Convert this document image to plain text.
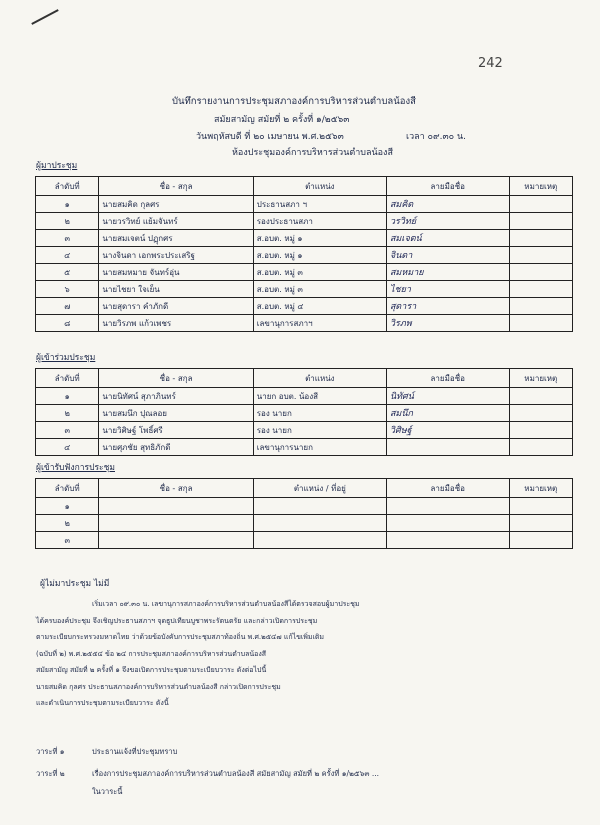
242
บันทึกรายงานการประชุมสภาองค์การบริหารส่วนตำบลน้องสี
สมัยสามัญ สมัยที่ ๒ ครั้งที่ ๑/๒๕๖๓
วันพฤหัสบดี ที่ ๒๐ เมษายน พ.ศ.๒๕๖๓	เวลา ๐๙.๓๐ น.
ห้องประชุมองค์การบริหารส่วนตำบลน้องสี
ผู้มาประชุม
ลำดับที่	ชื่อ - สกุล	ตำแหน่ง	ลายมือชื่อ	หมายเหตุ
๑	นายสมคิด กุลศร	ประธานสภา ฯ	สมคิด	
๒	นายวรวิทย์ แย้มจันทร์	รองประธานสภา	วรวิทย์	
๓	นายสมเจตน์ ปฏุกศร	ส.อบต. หมู่ ๑	สมเจตน์	
๔	นางจินดา เอกพระประเสริฐ	ส.อบต. หมู่ ๑	จินดา	
๕	นายสมหมาย จันทร์อุ่น	ส.อบต. หมู่ ๓	สมหมาย	
๖	นายไชยา ใจเย็น	ส.อบต. หมู่ ๓	ไชยา	
๗	นายสุดารา คำภักดี	ส.อบต. หมู่ ๔	สุดารา	
๘	นายวิรภพ แก้วเพชร	เลขานุการสภาฯ	วิรภพ	
ผู้เข้าร่วมประชุม
ลำดับที่	ชื่อ - สกุล	ตำแหน่ง	ลายมือชื่อ	หมายเหตุ
๑	นายนิทัศน์ สุภาภินทร์	นายก อบต. น้องสี	นิทัศน์	
๒	นายสมนึก ปุณลอย	รอง นายก	สมนึก	
๓	นายวิศิษฐ์ โพธิ์ศรี	รอง นายก	วิศิษฐ์	
๔	นายศุภชัย สุทธิภักดี	เลขานุการนายก		
ผู้เข้ารับฟังการประชุม
ลำดับที่	ชื่อ - สกุล	ตำแหน่ง / ที่อยู่	ลายมือชื่อ	หมายเหตุ
๑				
๒				
๓				
ผู้ไม่มาประชุม ไม่มี
เริ่มเวลา ๐๙.๓๐ น. เลขานุการสภาองค์การบริหารส่วนตำบลน้องสีได้ตรวจสอบผู้มาประชุม
ได้ครบองค์ประชุม จึงเชิญประธานสภาฯ จุดธูปเทียนบูชาพระรัตนตรัย และกล่าวเปิดการประชุม
ตามระเบียบกระทรวงมหาดไทย ว่าด้วยข้อบังคับการประชุมสภาท้องถิ่น พ.ศ.๒๕๔๗ แก้ไขเพิ่มเติม
(ฉบับที่ ๒) พ.ศ.๒๕๕๔ ข้อ ๒๔ การประชุมสภาองค์การบริหารส่วนตำบลน้องสี
สมัยสามัญ สมัยที่ ๒ ครั้งที่ ๑ จึงขอเปิดการประชุมตามระเบียบวาระ ดังต่อไปนี้
นายสมคิด กุลศร ประธานสภาองค์การบริหารส่วนตำบลน้องสี กล่าวเปิดการประชุม
และดำเนินการประชุมตามระเบียบวาระ ดังนี้
วาระที่ ๑	ประธานแจ้งที่ประชุมทราบ
วาระที่ ๒	เรื่องการประชุมสภาองค์การบริหารส่วนตำบลน้องสี สมัยสามัญ สมัยที่ ๒ ครั้งที่ ๑/๒๕๖๓ ...
ในวาระนี้
